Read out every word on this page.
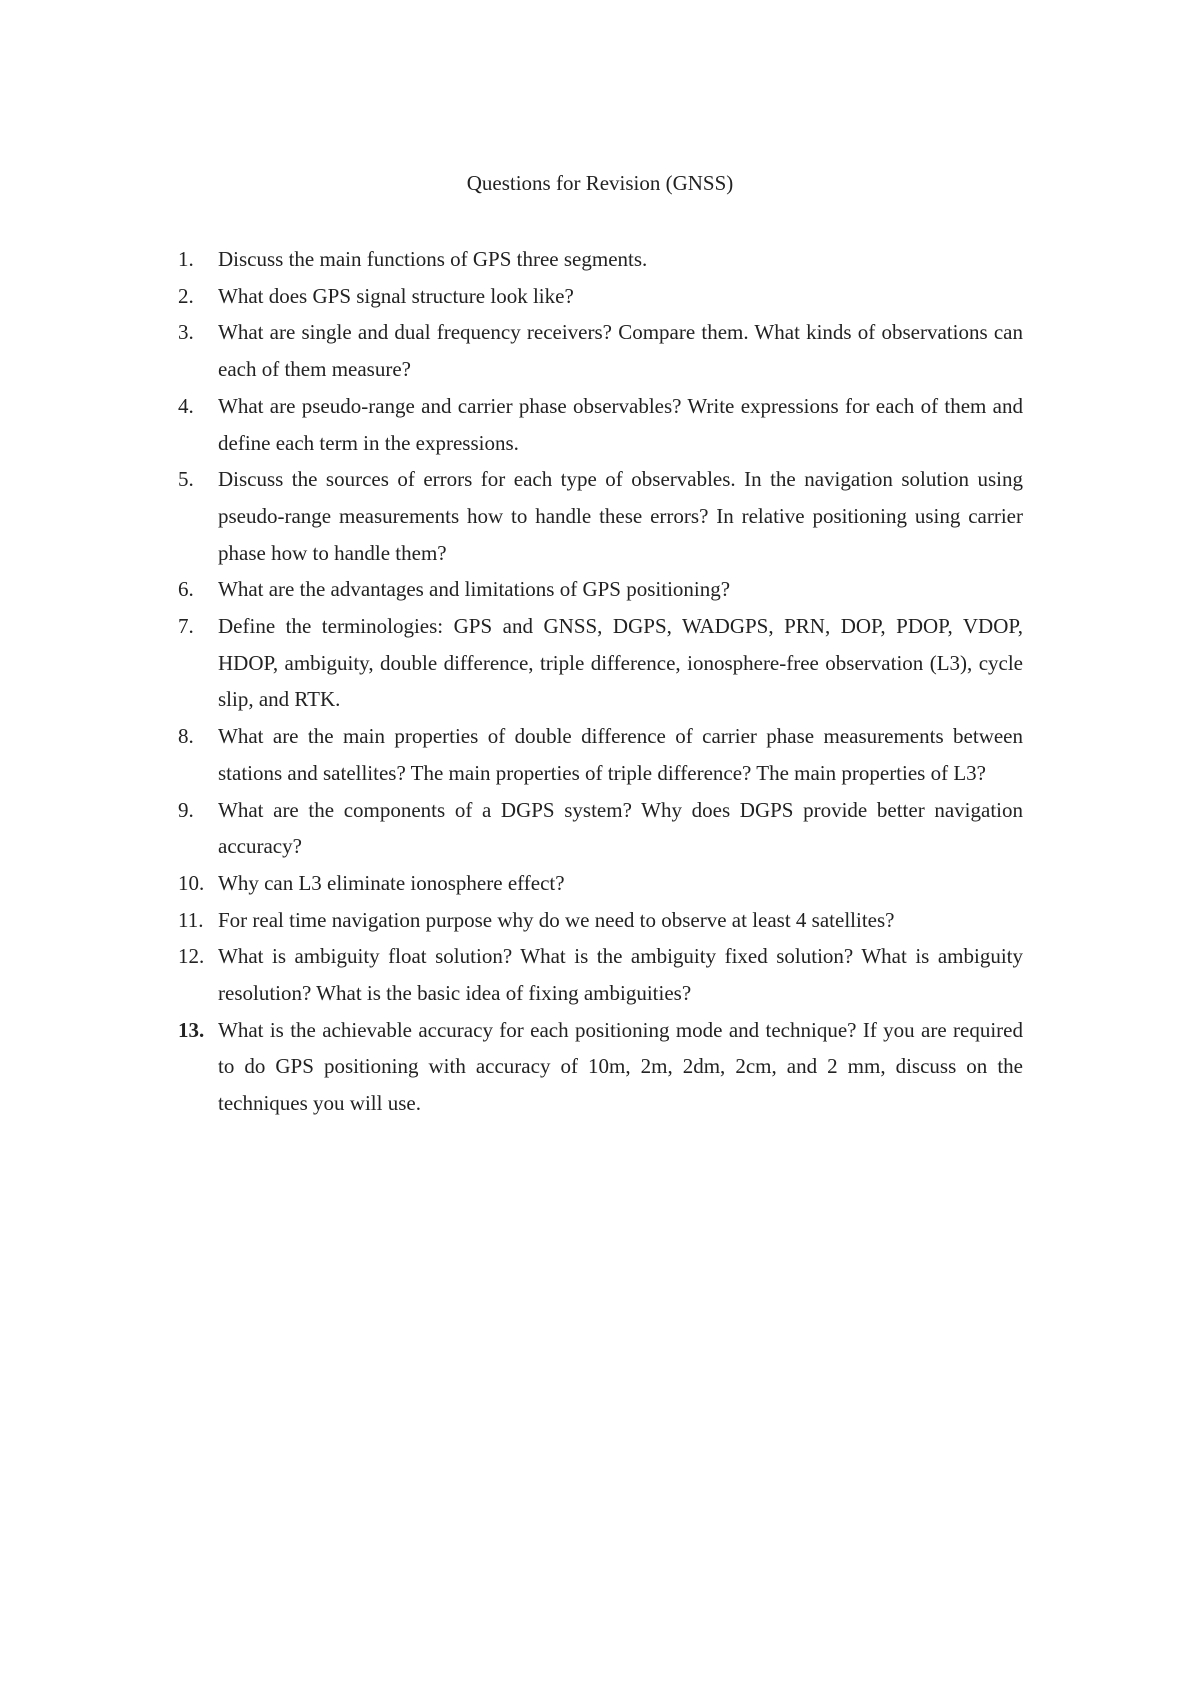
Questions for Revision (GNSS)
1.	Discuss the main functions of GPS three segments.
2.	What does GPS signal structure look like?
3.	What are single and dual frequency receivers? Compare them. What kinds of observations can each of them measure?
4.	What are pseudo-range and carrier phase observables? Write expressions for each of them and define each term in the expressions.
5.	Discuss the sources of errors for each type of observables. In the navigation solution using pseudo-range measurements how to handle these errors? In relative positioning using carrier phase how to handle them?
6.	What are the advantages and limitations of GPS positioning?
7.	Define the terminologies: GPS and GNSS, DGPS, WADGPS, PRN, DOP, PDOP, VDOP, HDOP, ambiguity, double difference, triple difference, ionosphere-free observation (L3), cycle slip, and RTK.
8.	What are the main properties of double difference of carrier phase measurements between stations and satellites? The main properties of triple difference? The main properties of L3?
9.	What are the components of a DGPS system? Why does DGPS provide better navigation accuracy?
10. Why can L3 eliminate ionosphere effect?
11. For real time navigation purpose why do we need to observe at least 4 satellites?
12. What is ambiguity float solution? What is the ambiguity fixed solution? What is ambiguity resolution? What is the basic idea of fixing ambiguities?
13. What is the achievable accuracy for each positioning mode and technique? If you are required to do GPS positioning with accuracy of 10m, 2m, 2dm, 2cm, and 2 mm, discuss on the techniques you will use.
